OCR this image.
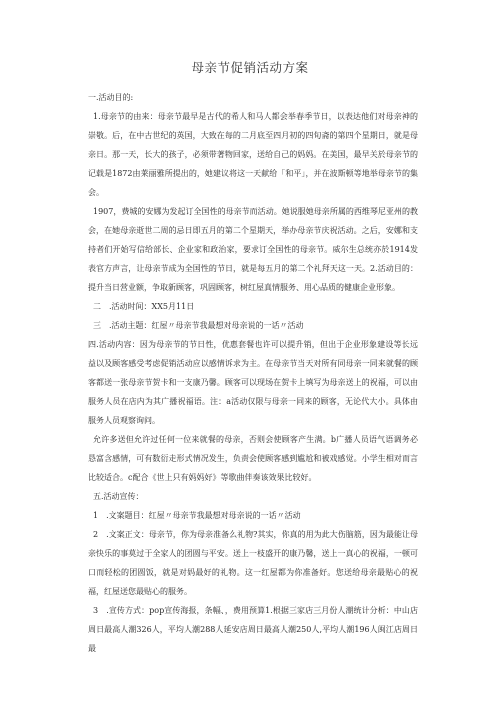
母亲节促销活动方案

一.活动目的:

1.母亲节的由来：母亲节最早是古代的希人和马人都会举春季节日，以表达他们对母亲神的崇敬。后，在中古世纪的英国，大致在每的二月底至四月初的四旬斋的第四个星期日，就是母亲日。那一天，长大的孩子，必须带著物回家，送给自己的妈妈。在美国，最早关於母亲节的记载是1872由莱丽雅所提出的，她建议将这一天献给「和平」，并在波斯顿等地举母亲节的集会。

1907，费城的安娜为发起订全国性的母亲节而活动。她说服她母亲所属的西维琴尼亚州的教会，在她母亲逝世二周的忌日即五月的第二个星期天，举办母亲节庆祝活动。之后，安娜和支持者们开始写信给部长、企业家和政治家，要求订全国性的母亲节。威尔生总统亦於1914发表官方声言，让母亲节成为全国性的节日，就是每五月的第二个礼拜天这一天。2.活动目的：提升当日营业额，争取新顾客，巩固顾客，树红屋真情服务、用心品质的健康企业形象。

二　.活动时间：XX5月11日

三　.活动主题：红屋〃母亲节我最想对母亲说的一话〃活动

四.活动内容：因为母亲节的节日性，优惠套餐也许可以提升销，但出于企业形象建设等长远益以及顾客感受考虑促销活动应以感情诉求为主。在母亲节当天对所有同母亲一同来就餐的顾客都送一张母亲节贺卡和一支康乃馨。顾客可以现场在贺卡上填写为母亲送上的祝福，可以由服务人员在店内为其广播祝福语。注：a活动仅限与母亲一同来的顾客，无论代大小。具体由服务人员观察询问。

允许多送但允许过任何一位来就餐的母亲，否则会使顾客产生满。b广播人员语气语调务必恳富含感情，可有数衍走形式情况发生，负责会使顾客感到尴尬和被戏感觉。小学生相对而言比较适合。c配合《世上只有妈妈好》等歌曲伴奏该效果比较好。

五.活动宣传：

1　.文案题目：红屋〃母亲节我最想对母亲说的一话〃活动

2　.文案正文：母亲节，你为母亲准备么礼物?其实，你真的用为此大伤脑筋，因为最能让母亲快乐的事莫过于全家人的团圆与平安。送上一枝盛开的康乃馨，送上一真心的祝福，一顿可口而轻松的团圆饭，就是对妈最好的礼物。这一红屋都为你准备好。您送给母亲最贴心的祝福，红屋送您最贴心的服务。

3　.宣传方式：pop宣传海报，条幅、，费用预算1.根据三家店三月份人潮统计分析：中山店周日最高人潮326人，平均人潮288人延安店周日最高人潮250人,平均人潮196人闽江店周日最
